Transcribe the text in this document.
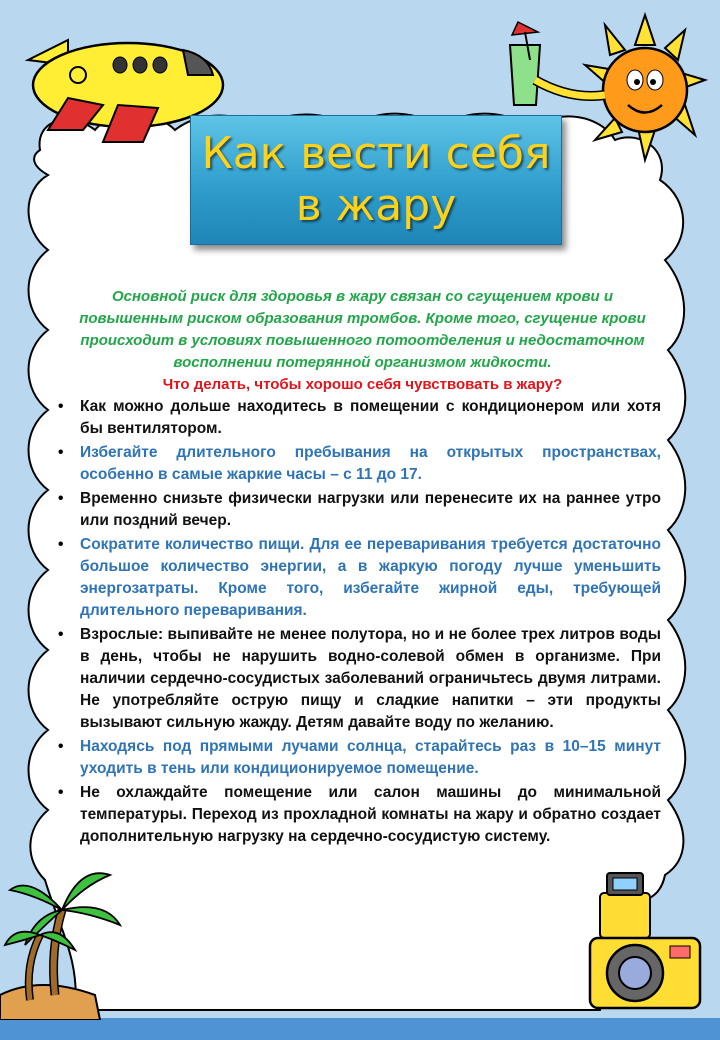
Как вести себя
в жару
Основной риск для здоровья в жару связан со сгущением крови и повышенным риском образования тромбов. Кроме того, сгущение крови происходит в условиях повышенного потоотделения и недостаточном восполнении потерянной организмом жидкости.
Что делать, чтобы хорошо себя чувствовать в жару?
• Как можно дольше находитесь в помещении с кондиционером или хотя бы вентилятором.
• Избегайте длительного пребывания на открытых пространствах, особенно в самые жаркие часы – с 11 до 17.
• Временно снизьте физически нагрузки или перенесите их на раннее утро или поздний вечер.
• Сократите количество пищи. Для ее переваривания требуется достаточно большое количество энергии, а в жаркую погоду лучше уменьшить энергозатраты. Кроме того, избегайте жирной еды, требующей длительного переваривания.
• Взрослые: выпивайте не менее полутора, но и не более трех литров воды в день, чтобы не нарушить водно-солевой обмен в организме. При наличии сердечно-сосудистых заболеваний ограничьтесь двумя литрами. Не употребляйте острую пищу и сладкие напитки – эти продукты вызывают сильную жажду. Детям давайте воду по желанию.
• Находясь под прямыми лучами солнца, старайтесь раз в 10–15 минут уходить в тень или кондиционируемое помещение.
• Не охлаждайте помещение или салон машины до минимальной температуры. Переход из прохладной комнаты на жару и обратно создает дополнительную нагрузку на сердечно-сосудистую систему.
